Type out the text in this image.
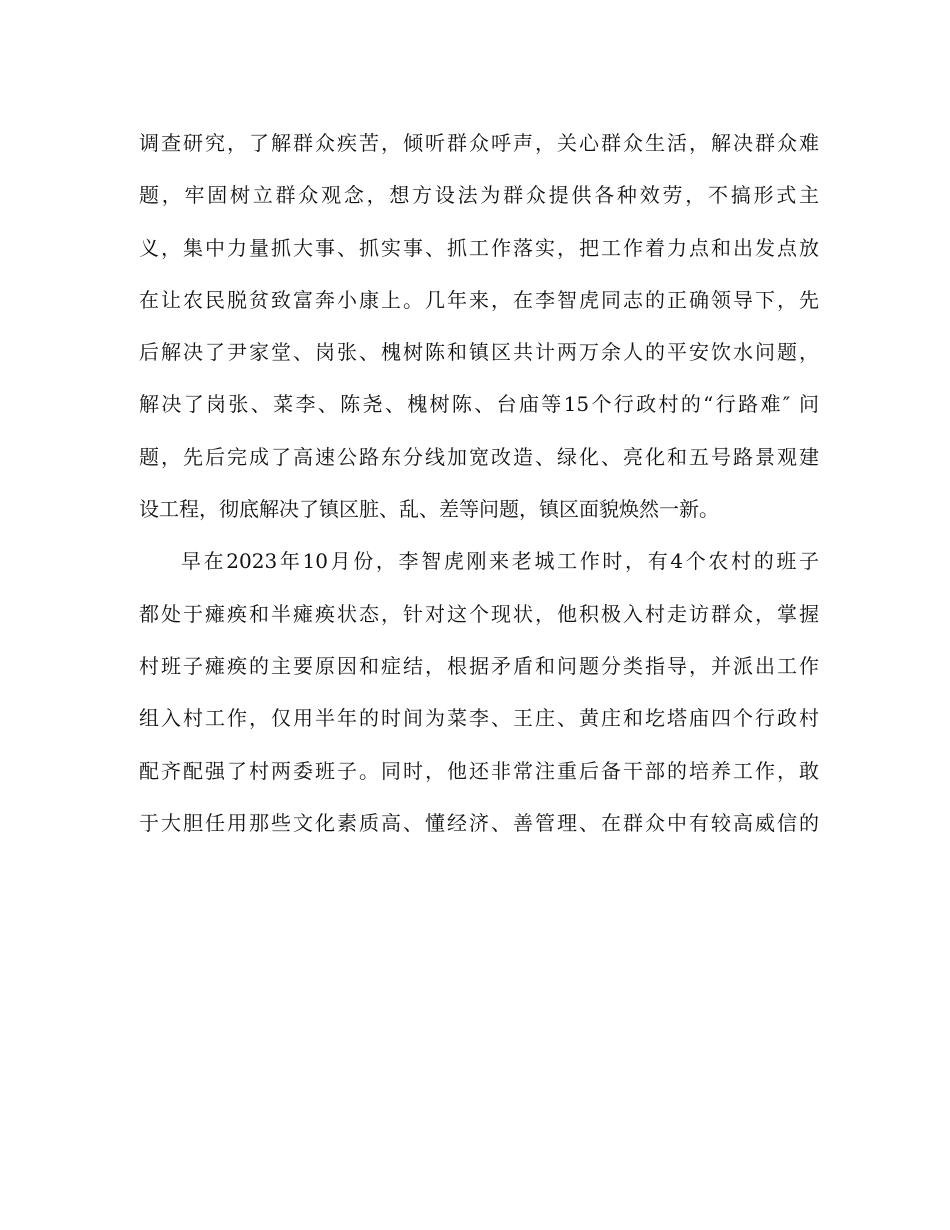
调查研究，了解群众疾苦，倾听群众呼声，关心群众生活，解决群众难
题，牢固树立群众观念，想方设法为群众提供各种效劳，不搞形式主
义，集中力量抓大事、抓实事、抓工作落实，把工作着力点和出发点放
在让农民脱贫致富奔小康上。几年来，在李智虎同志的正确领导下，先
后解决了尹家堂、岗张、槐树陈和镇区共计两万余人的平安饮水问题，
解决了岗张、菜李、陈尧、槐树陈、台庙等15个行政村的“行路难″ 问
题，先后完成了高速公路东分线加宽改造、绿化、亮化和五号路景观建
设工程，彻底解决了镇区脏、乱、差等问题，镇区面貌焕然一新。
早在2023年10月份，李智虎刚来老城工作时，有4个农村的班子
都处于瘫痪和半瘫痪状态，针对这个现状，他积极入村走访群众，掌握
村班子瘫痪的主要原因和症结，根据矛盾和问题分类指导，并派出工作
组入村工作，仅用半年的时间为菜李、王庄、黄庄和圪塔庙四个行政村
配齐配强了村两委班子。同时，他还非常注重后备干部的培养工作，敢
于大胆任用那些文化素质高、懂经济、善管理、在群众中有较高威信的
